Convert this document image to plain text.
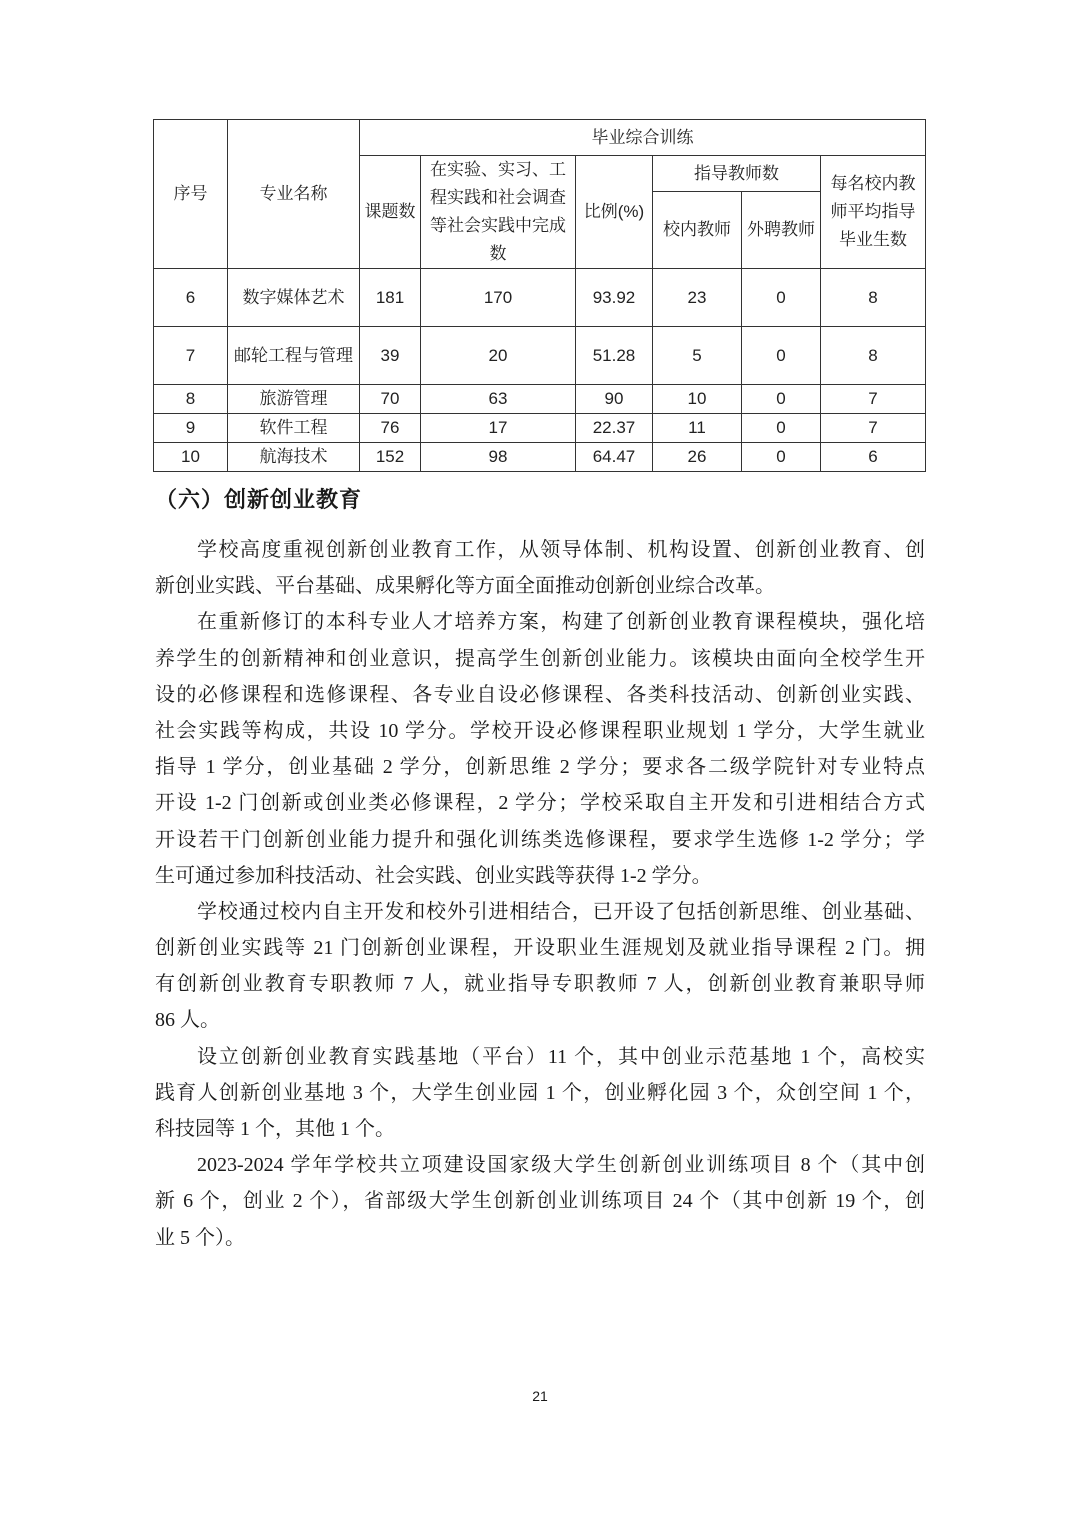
序号	专业名称	毕业综合训练					
		课题数	在实验、实习、工程实践和社会调查等社会实践中完成数	比例(%)	指导教师数		每名校内教师平均指导毕业生数
					校内教师	外聘教师	
6	数字媒体艺术	181	170	93.92	23	0	8
7	邮轮工程与管理	39	20	51.28	5	0	8
8	旅游管理	70	63	90	10	0	7
9	软件工程	76	17	22.37	11	0	7
10	航海技术	152	98	64.47	26	0	6
（六）创新创业教育
学校高度重视创新创业教育工作，从领导体制、机构设置、创新创业教育、创
新创业实践、平台基础、成果孵化等方面全面推动创新创业综合改革。
在重新修订的本科专业人才培养方案，构建了创新创业教育课程模块，强化培
养学生的创新精神和创业意识，提高学生创新创业能力。该模块由面向全校学生开
设的必修课程和选修课程、各专业自设必修课程、各类科技活动、创新创业实践、
社会实践等构成，共设 10 学分。学校开设必修课程职业规划 1 学分，大学生就业
指导 1 学分，创业基础 2 学分，创新思维 2 学分；要求各二级学院针对专业特点
开设 1-2 门创新或创业类必修课程，2 学分；学校采取自主开发和引进相结合方式
开设若干门创新创业能力提升和强化训练类选修课程，要求学生选修 1-2 学分；学
生可通过参加科技活动、社会实践、创业实践等获得 1-2 学分。
学校通过校内自主开发和校外引进相结合，已开设了包括创新思维、创业基础、
创新创业实践等 21 门创新创业课程，开设职业生涯规划及就业指导课程 2 门。拥
有创新创业教育专职教师 7 人，就业指导专职教师 7 人，创新创业教育兼职导师
86 人。
设立创新创业教育实践基地（平台）11 个，其中创业示范基地 1 个，高校实
践育人创新创业基地 3 个，大学生创业园 1 个，创业孵化园 3 个，众创空间 1 个，
科技园等 1 个，其他 1 个。
2023-2024 学年学校共立项建设国家级大学生创新创业训练项目 8 个（其中创
新 6 个，创业 2 个），省部级大学生创新创业训练项目 24 个（其中创新 19 个，创
业 5 个）。
21
